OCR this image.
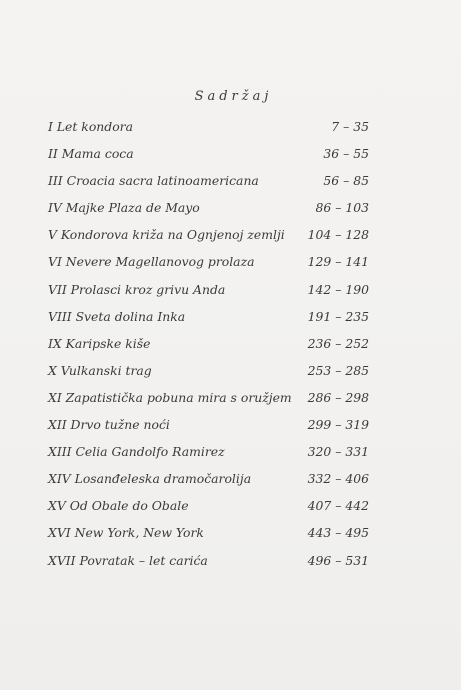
Sadržaj
I Let kondora	7 – 35
II Mama coca	36 – 55
III Croacia sacra latinoamericana	56 – 85
IV Majke Plaza de Mayo	86 – 103
V Kondorova križa na Ognjenoj zemlji 104 – 128
VI Nevere Magellanovog prolaza	129 – 141
VII Prolasci kroz grivu Anda	142 – 190
VIII Sveta dolina Inka	191 – 235
IX Karipske kiše	236 – 252
X Vulkanski trag	253 – 285
XI Zapatistička pobuna mira s oružjem 286 – 298
XII Drvo tužne noći	299 – 319
XIII Celia Gandolfo Ramirez	320 – 331
XIV Losanđeleska dramočarolija	332 – 406
XV Od Obale do Obale	407 – 442
XVI New York, New York	443 – 495
XVII Povratak – let carića	496 – 531
